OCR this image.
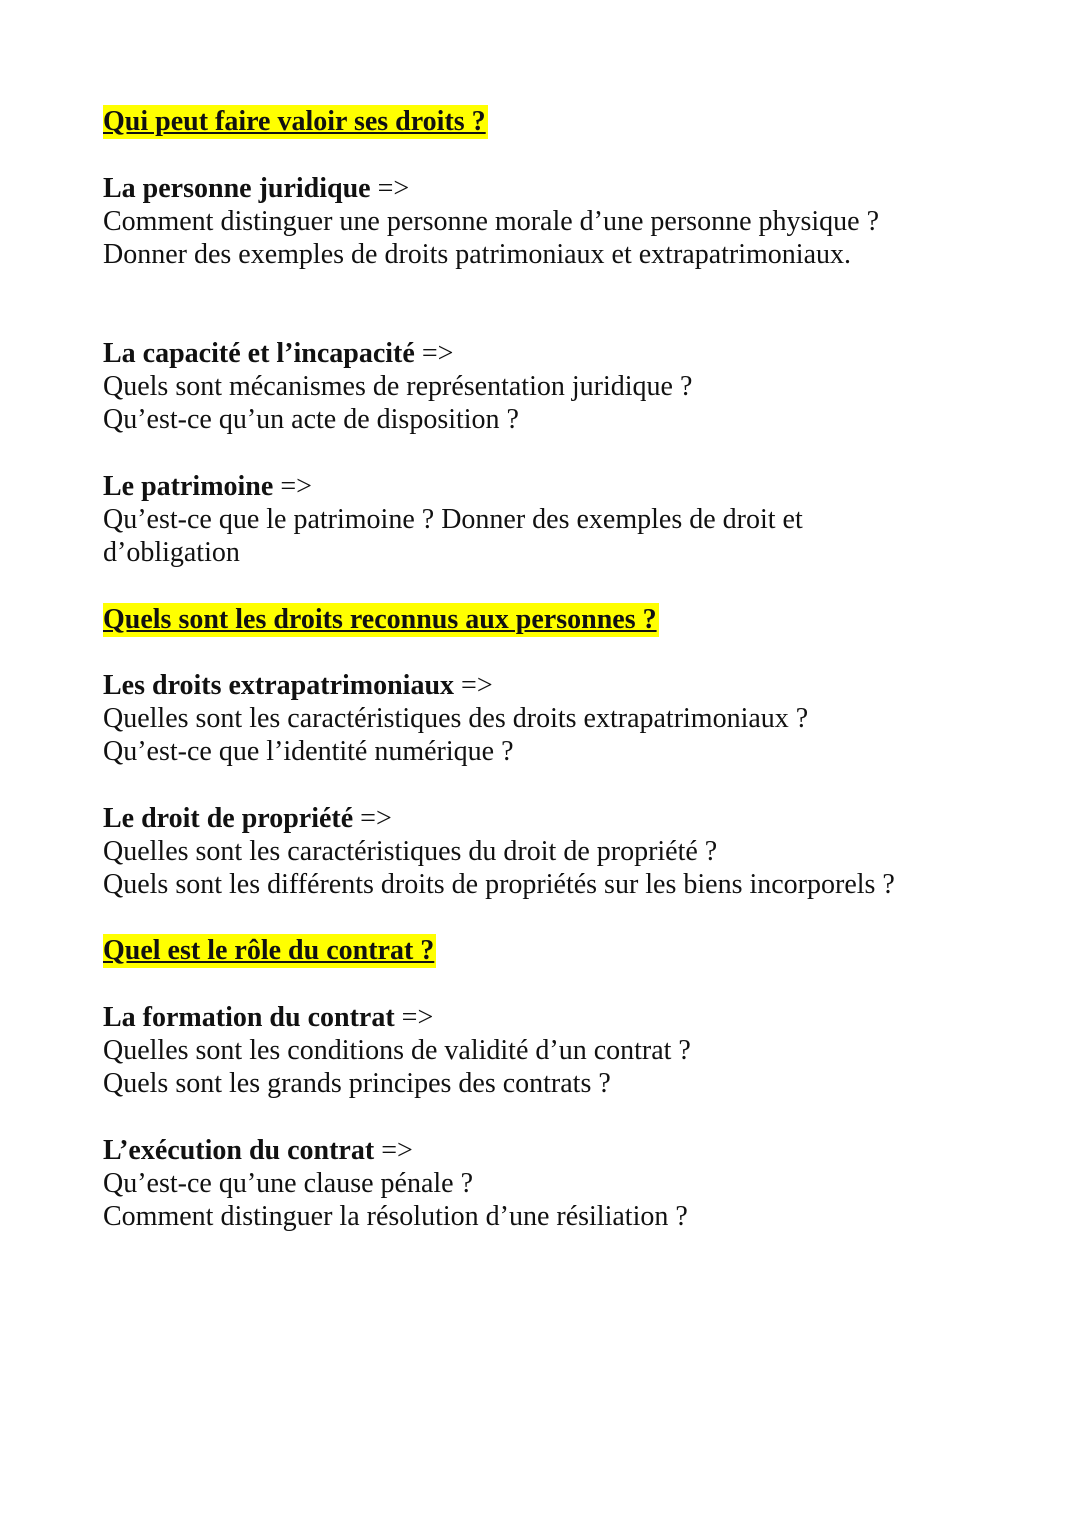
Qui peut faire valoir ses droits ?
La personne juridique =>
Comment distinguer une personne morale d’une personne physique ?
Donner des exemples de droits patrimoniaux et extrapatrimoniaux.
La capacité et l’incapacité =>
Quels sont mécanismes de représentation juridique ?
Qu’est-ce qu’un acte de disposition ?
Le patrimoine =>
Qu’est-ce que le patrimoine ? Donner des exemples de droit et
d’obligation
Quels sont les droits reconnus aux personnes ?
Les droits extrapatrimoniaux =>
Quelles sont les caractéristiques des droits extrapatrimoniaux ?
Qu’est-ce que l’identité numérique ?
Le droit de propriété =>
Quelles sont les caractéristiques du droit de propriété ?
Quels sont les différents droits de propriétés sur les biens incorporels ?
Quel est le rôle du contrat ?
La formation du contrat =>
Quelles sont les conditions de validité d’un contrat ?
Quels sont les grands principes des contrats ?
L’exécution du contrat =>
Qu’est-ce qu’une clause pénale ?
Comment distinguer la résolution d’une résiliation ?
